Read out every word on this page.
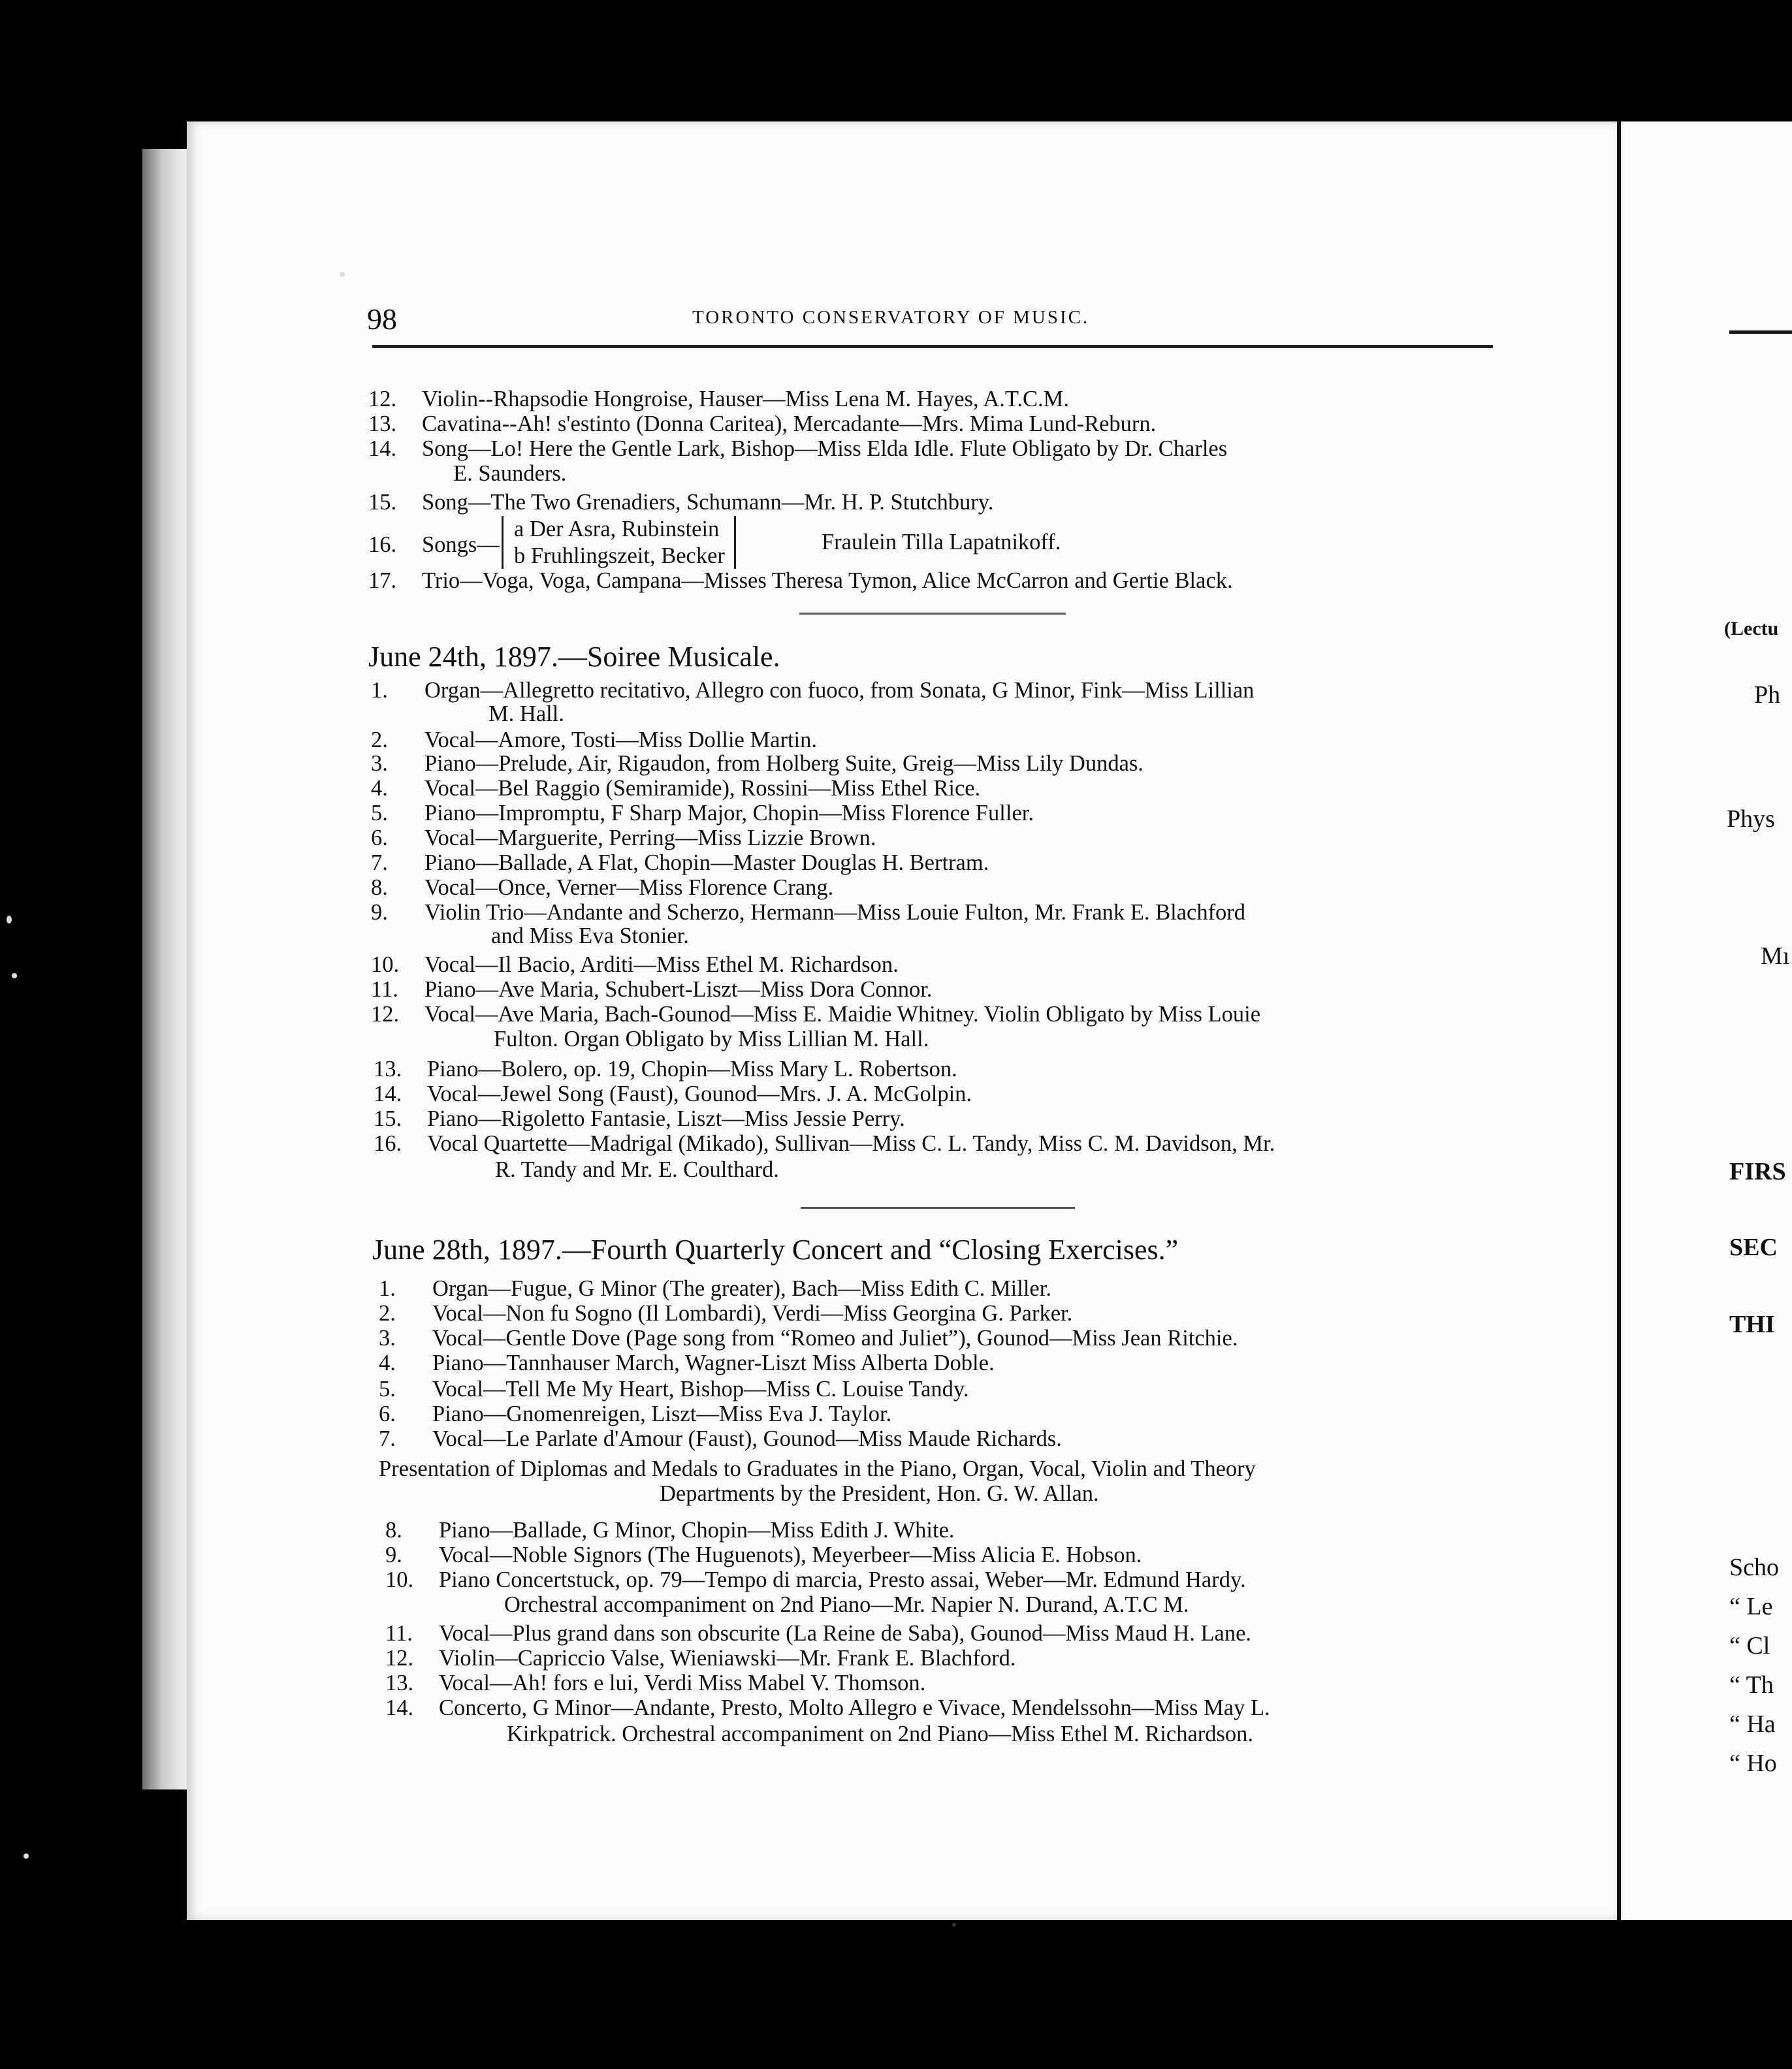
98	TORONTO CONSERVATORY OF MUSIC.
12. Violin--Rhapsodie Hongroise, Hauser—Miss Lena M. Hayes, A.T.C.M.
13. Cavatina--Ah! s'estinto (Donna Caritea), Mercadante—Mrs. Mima Lund-Reburn.
14. Song—Lo! Here the Gentle Lark, Bishop—Miss Elda Idle. Flute Obligato by Dr. Charles
E. Saunders.
15. Song—The Two Grenadiers, Schumann—Mr. H. P. Stutchbury.
16. Songs—
a Der Asra, Rubinstein
b Fruhlingszeit, Becker
Fraulein Tilla Lapatnikoff.
17. Trio—Voga, Voga, Campana—Misses Theresa Tymon, Alice McCarron and Gertie Black.
June 24th, 1897.—Soiree Musicale.
1. Organ—Allegretto recitativo, Allegro con fuoco, from Sonata, G Minor, Fink—Miss Lillian
M. Hall.
2. Vocal—Amore, Tosti—Miss Dollie Martin.
3. Piano—Prelude, Air, Rigaudon, from Holberg Suite, Greig—Miss Lily Dundas.
4. Vocal—Bel Raggio (Semiramide), Rossini—Miss Ethel Rice.
5. Piano—Impromptu, F Sharp Major, Chopin—Miss Florence Fuller.
6. Vocal—Marguerite, Perring—Miss Lizzie Brown.
7. Piano—Ballade, A Flat, Chopin—Master Douglas H. Bertram.
8. Vocal—Once, Verner—Miss Florence Crang.
9. Violin Trio—Andante and Scherzo, Hermann—Miss Louie Fulton, Mr. Frank E. Blachford
and Miss Eva Stonier.
10. Vocal—Il Bacio, Arditi—Miss Ethel M. Richardson.
11. Piano—Ave Maria, Schubert-Liszt—Miss Dora Connor.
12. Vocal—Ave Maria, Bach-Gounod—Miss E. Maidie Whitney. Violin Obligato by Miss Louie
Fulton. Organ Obligato by Miss Lillian M. Hall.
13. Piano—Bolero, op. 19, Chopin—Miss Mary L. Robertson.
14. Vocal—Jewel Song (Faust), Gounod—Mrs. J. A. McGolpin.
15. Piano—Rigoletto Fantasie, Liszt—Miss Jessie Perry.
16. Vocal Quartette—Madrigal (Mikado), Sullivan—Miss C. L. Tandy, Miss C. M. Davidson, Mr.
R. Tandy and Mr. E. Coulthard.
June 28th, 1897.—Fourth Quarterly Concert and “Closing Exercises.”
1. Organ—Fugue, G Minor (The greater), Bach—Miss Edith C. Miller.
2. Vocal—Non fu Sogno (Il Lombardi), Verdi—Miss Georgina G. Parker.
3. Vocal—Gentle Dove (Page song from “Romeo and Juliet”), Gounod—Miss Jean Ritchie.
4. Piano—Tannhauser March, Wagner-Liszt Miss Alberta Doble.
5. Vocal—Tell Me My Heart, Bishop—Miss C. Louise Tandy.
6. Piano—Gnomenreigen, Liszt—Miss Eva J. Taylor.
7. Vocal—Le Parlate d'Amour (Faust), Gounod—Miss Maude Richards.
Presentation of Diplomas and Medals to Graduates in the Piano, Organ, Vocal, Violin and Theory
Departments by the President, Hon. G. W. Allan.
8. Piano—Ballade, G Minor, Chopin—Miss Edith J. White.
9. Vocal—Noble Signors (The Huguenots), Meyerbeer—Miss Alicia E. Hobson.
10. Piano Concertstuck, op. 79—Tempo di marcia, Presto assai, Weber—Mr. Edmund Hardy.
Orchestral accompaniment on 2nd Piano—Mr. Napier N. Durand, A.T.C M.
11. Vocal—Plus grand dans son obscurite (La Reine de Saba), Gounod—Miss Maud H. Lane.
12. Violin—Capriccio Valse, Wieniawski—Mr. Frank E. Blachford.
13. Vocal—Ah! fors e lui, Verdi Miss Mabel V. Thomson.
14. Concerto, G Minor—Andante, Presto, Molto Allegro e Vivace, Mendelssohn—Miss May L.
Kirkpatrick. Orchestral accompaniment on 2nd Piano—Miss Ethel M. Richardson.
(Lectu
Ph
Phys
Mı
FIRS
SEC
THI
Scho
“ Le
“ Cl
“ Th
“ Ha
“ Ho
